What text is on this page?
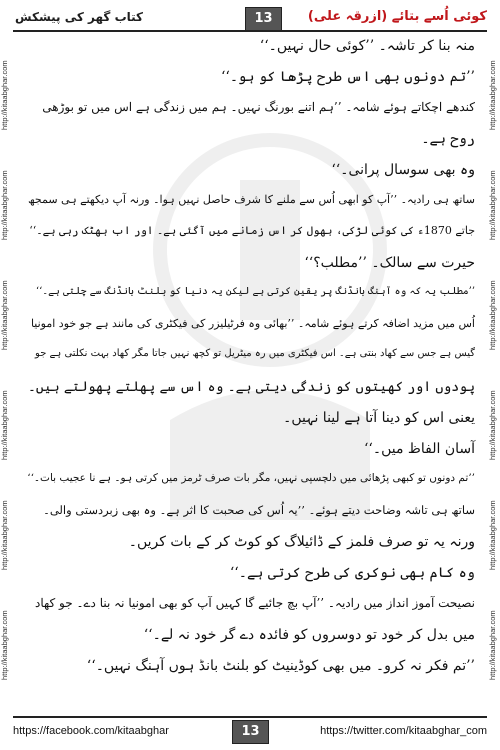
کتاب گھر کی پیشکش	13	کوئی اُسے بتائے (ازرقہ علی)
http://kitaabghar.com
http://kitaabghar.com
http://kitaabghar.com
http://kitaabghar.com
http://kitaabghar.com
http://kitaabghar.com
http://kitaabghar.com
http://kitaabghar.com
http://kitaabghar.com
http://kitaabghar.com
http://kitaabghar.com
http://kitaabghar.com
منہ بنا کر تاشہ۔ ’’کوئی حال نہیں۔‘‘
’’تم دونوں بھی اس طرح پڑھا کو ہو۔‘‘
کندھے اچکاتے ہوئے شامہ۔ ’’ہم اتنے بورنگ نہیں۔ ہم میں زندگی ہے اس میں تو بوڑھی
روح ہے۔
وہ بھی سوسال پرانی۔‘‘
ساتھ ہی رادیہ۔ ’’آپ کو ابھی اُس سے ملنے کا شرف حاصل نہیں ہوا۔ ورنہ آپ دیکھتے ہی سمجھ
جاتے 1870ء کی کوئی لڑکی، بھول کر اس زمانے میں آگئی ہے۔ اور اب بھٹک رہی ہے۔‘‘
حیرت سے سالک۔ ’’مطلب؟‘‘
’’مطلب یہ کہ وہ آہنگ بانڈنگ پر یقین کرتی ہے لیکن یہ دنیا کو بلنٹ بانڈنگ سے چلتی ہے۔‘‘
اُس میں مزید اضافہ کرتے ہوئے شامہ۔ ’’بھائی وہ فرٹیلیزر کی فیکٹری کی مانند ہے جو خود امونیا
گیس ہے جس سے کھاد بنتی ہے۔ اس فیکٹری میں رہ میٹریل تو کچھ نہیں جاتا مگر کھاد بہت نکلتی ہے جو
پودوں اور کھیتوں کو زندگی دیتی ہے۔ وہ اس سے پھلتے پھولتے ہیں۔
یعنی اس کو دینا آتا ہے لینا نہیں۔
آسان الفاظ میں۔‘‘
’’تم دونوں تو کبھی پڑھائی میں دلچسپی نہیں، مگر بات صرف ٹرمز میں کرتی ہو۔ ہے نا عجیب بات۔‘‘
ساتھ ہی تاشہ وضاحت دیتے ہوئے۔ ’’یہ اُس کی صحبت کا اثر ہے۔ وہ بھی زبردستی والی۔
ورنہ یہ تو صرف فلمز کے ڈائیلاگ کو کوٹ کر کے بات کریں۔
وہ کام بھی نوکری کی طرح کرتی ہے۔‘‘
نصیحت آموز انداز میں رادیہ۔ ’’آپ بچ جائیے گا کہیں آپ کو بھی امونیا نہ بنا دے۔ جو کھاد
میں بدل کر خود تو دوسروں کو فائدہ دے گر خود نہ لے۔‘‘
’’تم فکر نہ کرو۔ میں بھی کوڈینیٹ کو بلنٹ بانڈ ہوں آہنگ نہیں۔‘‘
https://facebook.com/kitaabghar	13	https://twitter.com/kitaabghar_com
